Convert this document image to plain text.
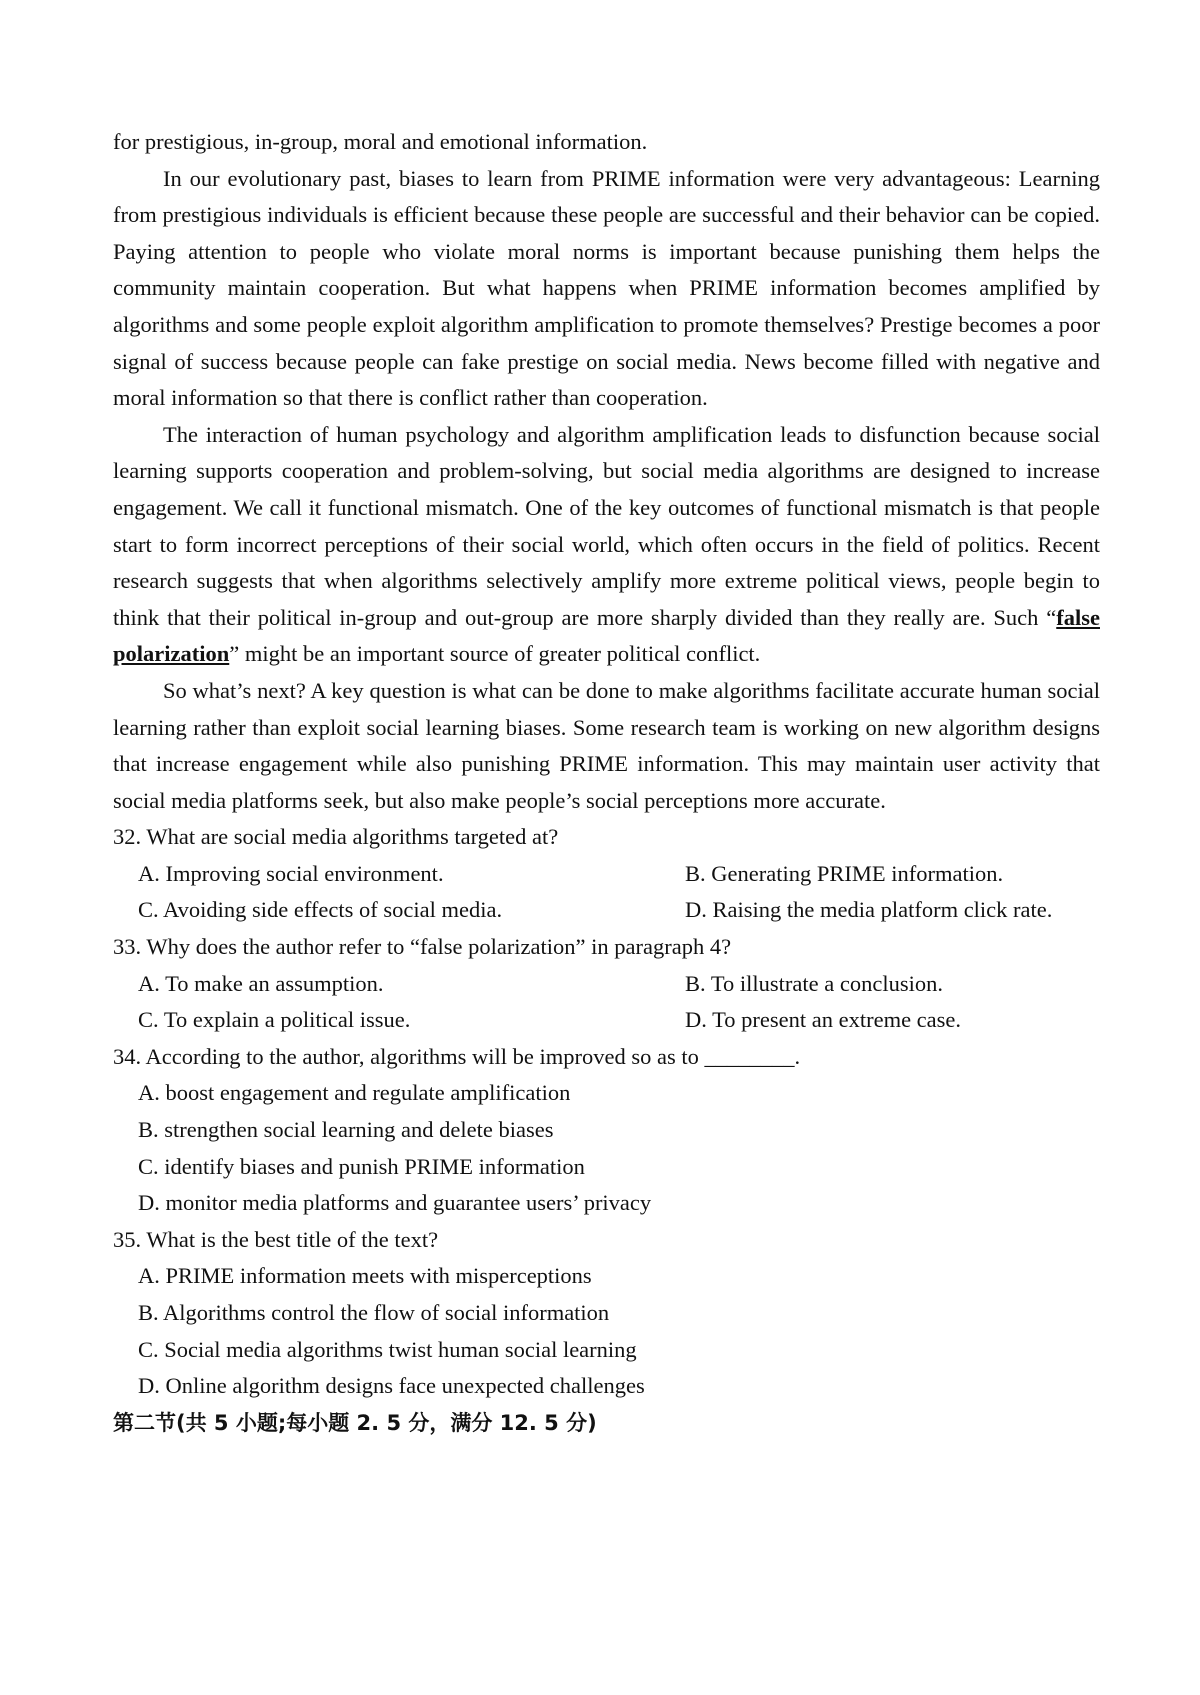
for prestigious, in-group, moral and emotional information.

In our evolutionary past, biases to learn from PRIME information were very advantageous: Learning from prestigious individuals is efficient because these people are successful and their behavior can be copied. Paying attention to people who violate moral norms is important because punishing them helps the community maintain cooperation. But what happens when PRIME information becomes amplified by algorithms and some people exploit algorithm amplification to promote themselves? Prestige becomes a poor signal of success because people can fake prestige on social media. News become filled with negative and moral information so that there is conflict rather than cooperation.

The interaction of human psychology and algorithm amplification leads to disfunction because social learning supports cooperation and problem-solving, but social media algorithms are designed to increase engagement. We call it functional mismatch. One of the key outcomes of functional mismatch is that people start to form incorrect perceptions of their social world, which often occurs in the field of politics. Recent research suggests that when algorithms selectively amplify more extreme political views, people begin to think that their political in-group and out-group are more sharply divided than they really are. Such “false polarization” might be an important source of greater political conflict.

So what’s next? A key question is what can be done to make algorithms facilitate accurate human social learning rather than exploit social learning biases. Some research team is working on new algorithm designs that increase engagement while also punishing PRIME information. This may maintain user activity that social media platforms seek, but also make people’s social perceptions more accurate.

32. What are social media algorithms targeted at?

A. Improving social environment.	B. Generating PRIME information.
C. Avoiding side effects of social media.	D. Raising the media platform click rate.

33. Why does the author refer to “false polarization” in paragraph 4?

A. To make an assumption.	B. To illustrate a conclusion.
C. To explain a political issue.	D. To present an extreme case.

34. According to the author, algorithms will be improved so as to ________.

A. boost engagement and regulate amplification

B. strengthen social learning and delete biases

C. identify biases and punish PRIME information

D. monitor media platforms and guarantee users’ privacy

35. What is the best title of the text?

A. PRIME information meets with misperceptions

B. Algorithms control the flow of social information

C. Social media algorithms twist human social learning

D. Online algorithm designs face unexpected challenges

第二节(共 5 小题;每小题 2. 5 分，满分 12. 5 分)
